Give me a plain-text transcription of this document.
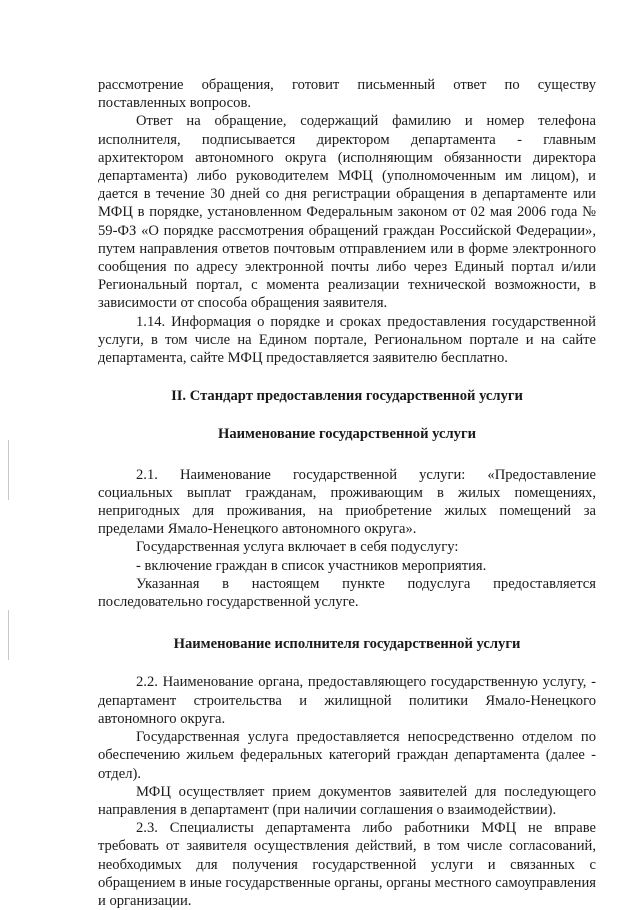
рассмотрение обращения, готовит письменный ответ по существу поставленных вопросов.

Ответ на обращение, содержащий фамилию и номер телефона исполнителя, подписывается директором департамента - главным архитектором автономного округа (исполняющим обязанности директора департамента) либо руководителем МФЦ (уполномоченным им лицом), и дается в течение 30 дней со дня регистрации обращения в департаменте или МФЦ в порядке, установленном Федеральным законом от 02 мая 2006 года № 59-ФЗ «О порядке рассмотрения обращений граждан Российской Федерации», путем направления ответов почтовым отправлением или в форме электронного сообщения по адресу электронной почты либо через Единый портал и/или Региональный портал, с момента реализации технической возможности, в зависимости от способа обращения заявителя.

1.14. Информация о порядке и сроках предоставления государственной услуги, в том числе на Едином портале, Региональном портале и на сайте департамента, сайте МФЦ предоставляется заявителю бесплатно.

II. Стандарт предоставления государственной услуги

Наименование государственной услуги

2.1. Наименование государственной услуги: «Предоставление социальных выплат гражданам, проживающим в жилых помещениях, непригодных для проживания, на приобретение жилых помещений за пределами Ямало-Ненецкого автономного округа».

Государственная услуга включает в себя подуслугу:

- включение граждан в список участников мероприятия.

Указанная в настоящем пункте подуслуга предоставляется последовательно государственной услуге.

Наименование исполнителя государственной услуги

2.2. Наименование органа, предоставляющего государственную услугу, - департамент строительства и жилищной политики Ямало-Ненецкого автономного округа.

Государственная услуга предоставляется непосредственно отделом по обеспечению жильем федеральных категорий граждан департамента (далее - отдел).

МФЦ осуществляет прием документов заявителей для последующего направления в департамент (при наличии соглашения о взаимодействии).

2.3. Специалисты департамента либо работники МФЦ не вправе требовать от заявителя осуществления действий, в том числе согласований, необходимых для получения государственной услуги и связанных с обращением в иные государственные органы, органы местного самоуправления и организации.
